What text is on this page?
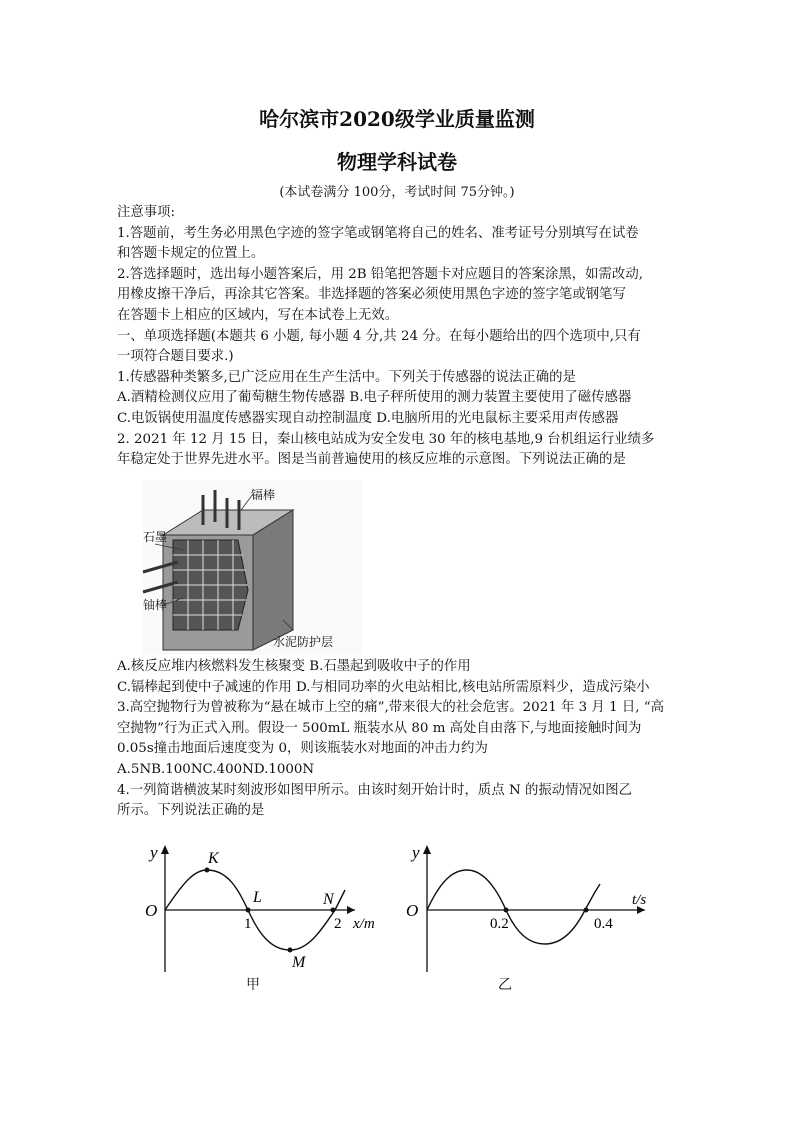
哈尔滨市2020级学业质量监测
物理学科试卷
(本试卷满分 100分，考试时间 75分钟。)
注意事项:
1.答题前，考生务必用黑色字迹的签字笔或钢笔将自己的姓名、准考证号分别填写在试卷
和答题卡规定的位置上。
2.答选择题时，选出每小题答案后，用 2B 铅笔把答题卡对应题目的答案涂黑，如需改动,
用橡皮擦干净后，再涂其它答案。非选择题的答案必须使用黑色字迹的签字笔或钢笔写
在答题卡上相应的区域内，写在本试卷上无效。
一、单项选择题(本题共 6 小题, 每小题 4 分,共 24 分。在每小题给出的四个选项中,只有
一项符合题目要求.)
1.传感器种类繁多,已广泛应用在生产生活中。下列关于传感器的说法正确的是
A.酒精检测仪应用了葡萄糖生物传感器 B.电子秤所使用的测力装置主要使用了磁传感器
C.电饭锅使用温度传感器实现自动控制温度 D.电脑所用的光电鼠标主要采用声传感器
2. 2021 年 12 月 15 日，秦山核电站成为安全发电 30 年的核电基地,9 台机组运行业绩多
年稳定处于世界先进水平。图是当前普遍使用的核反应堆的示意图。下列说法正确的是
镉棒
石墨
铀棒
水泥防护层
A.核反应堆内核燃料发生核聚变 B.石墨起到吸收中子的作用
C.镉棒起到使中子减速的作用 D.与相同功率的火电站相比,核电站所需原料少，造成污染小
3.高空抛物行为曾被称为“悬在城市上空的痛”,带来很大的社会危害。2021 年 3 月 1 日, “高
空抛物”行为正式入刑。假设一 500mL 瓶装水从 80 m 高处自由落下,与地面接触时间为
0.05s撞击地面后速度变为 0，则该瓶装水对地面的冲击力约为
A.5NB.100NC.400ND.1000N
4.一列简谐横波某时刻波形如图甲所示。由该时刻开始计时，质点 N 的振动情况如图乙
所示。下列说法正确的是
y
O
K
L	N
M
1	2 x/m
甲
y
O
0.2	0.4
t/s
乙
